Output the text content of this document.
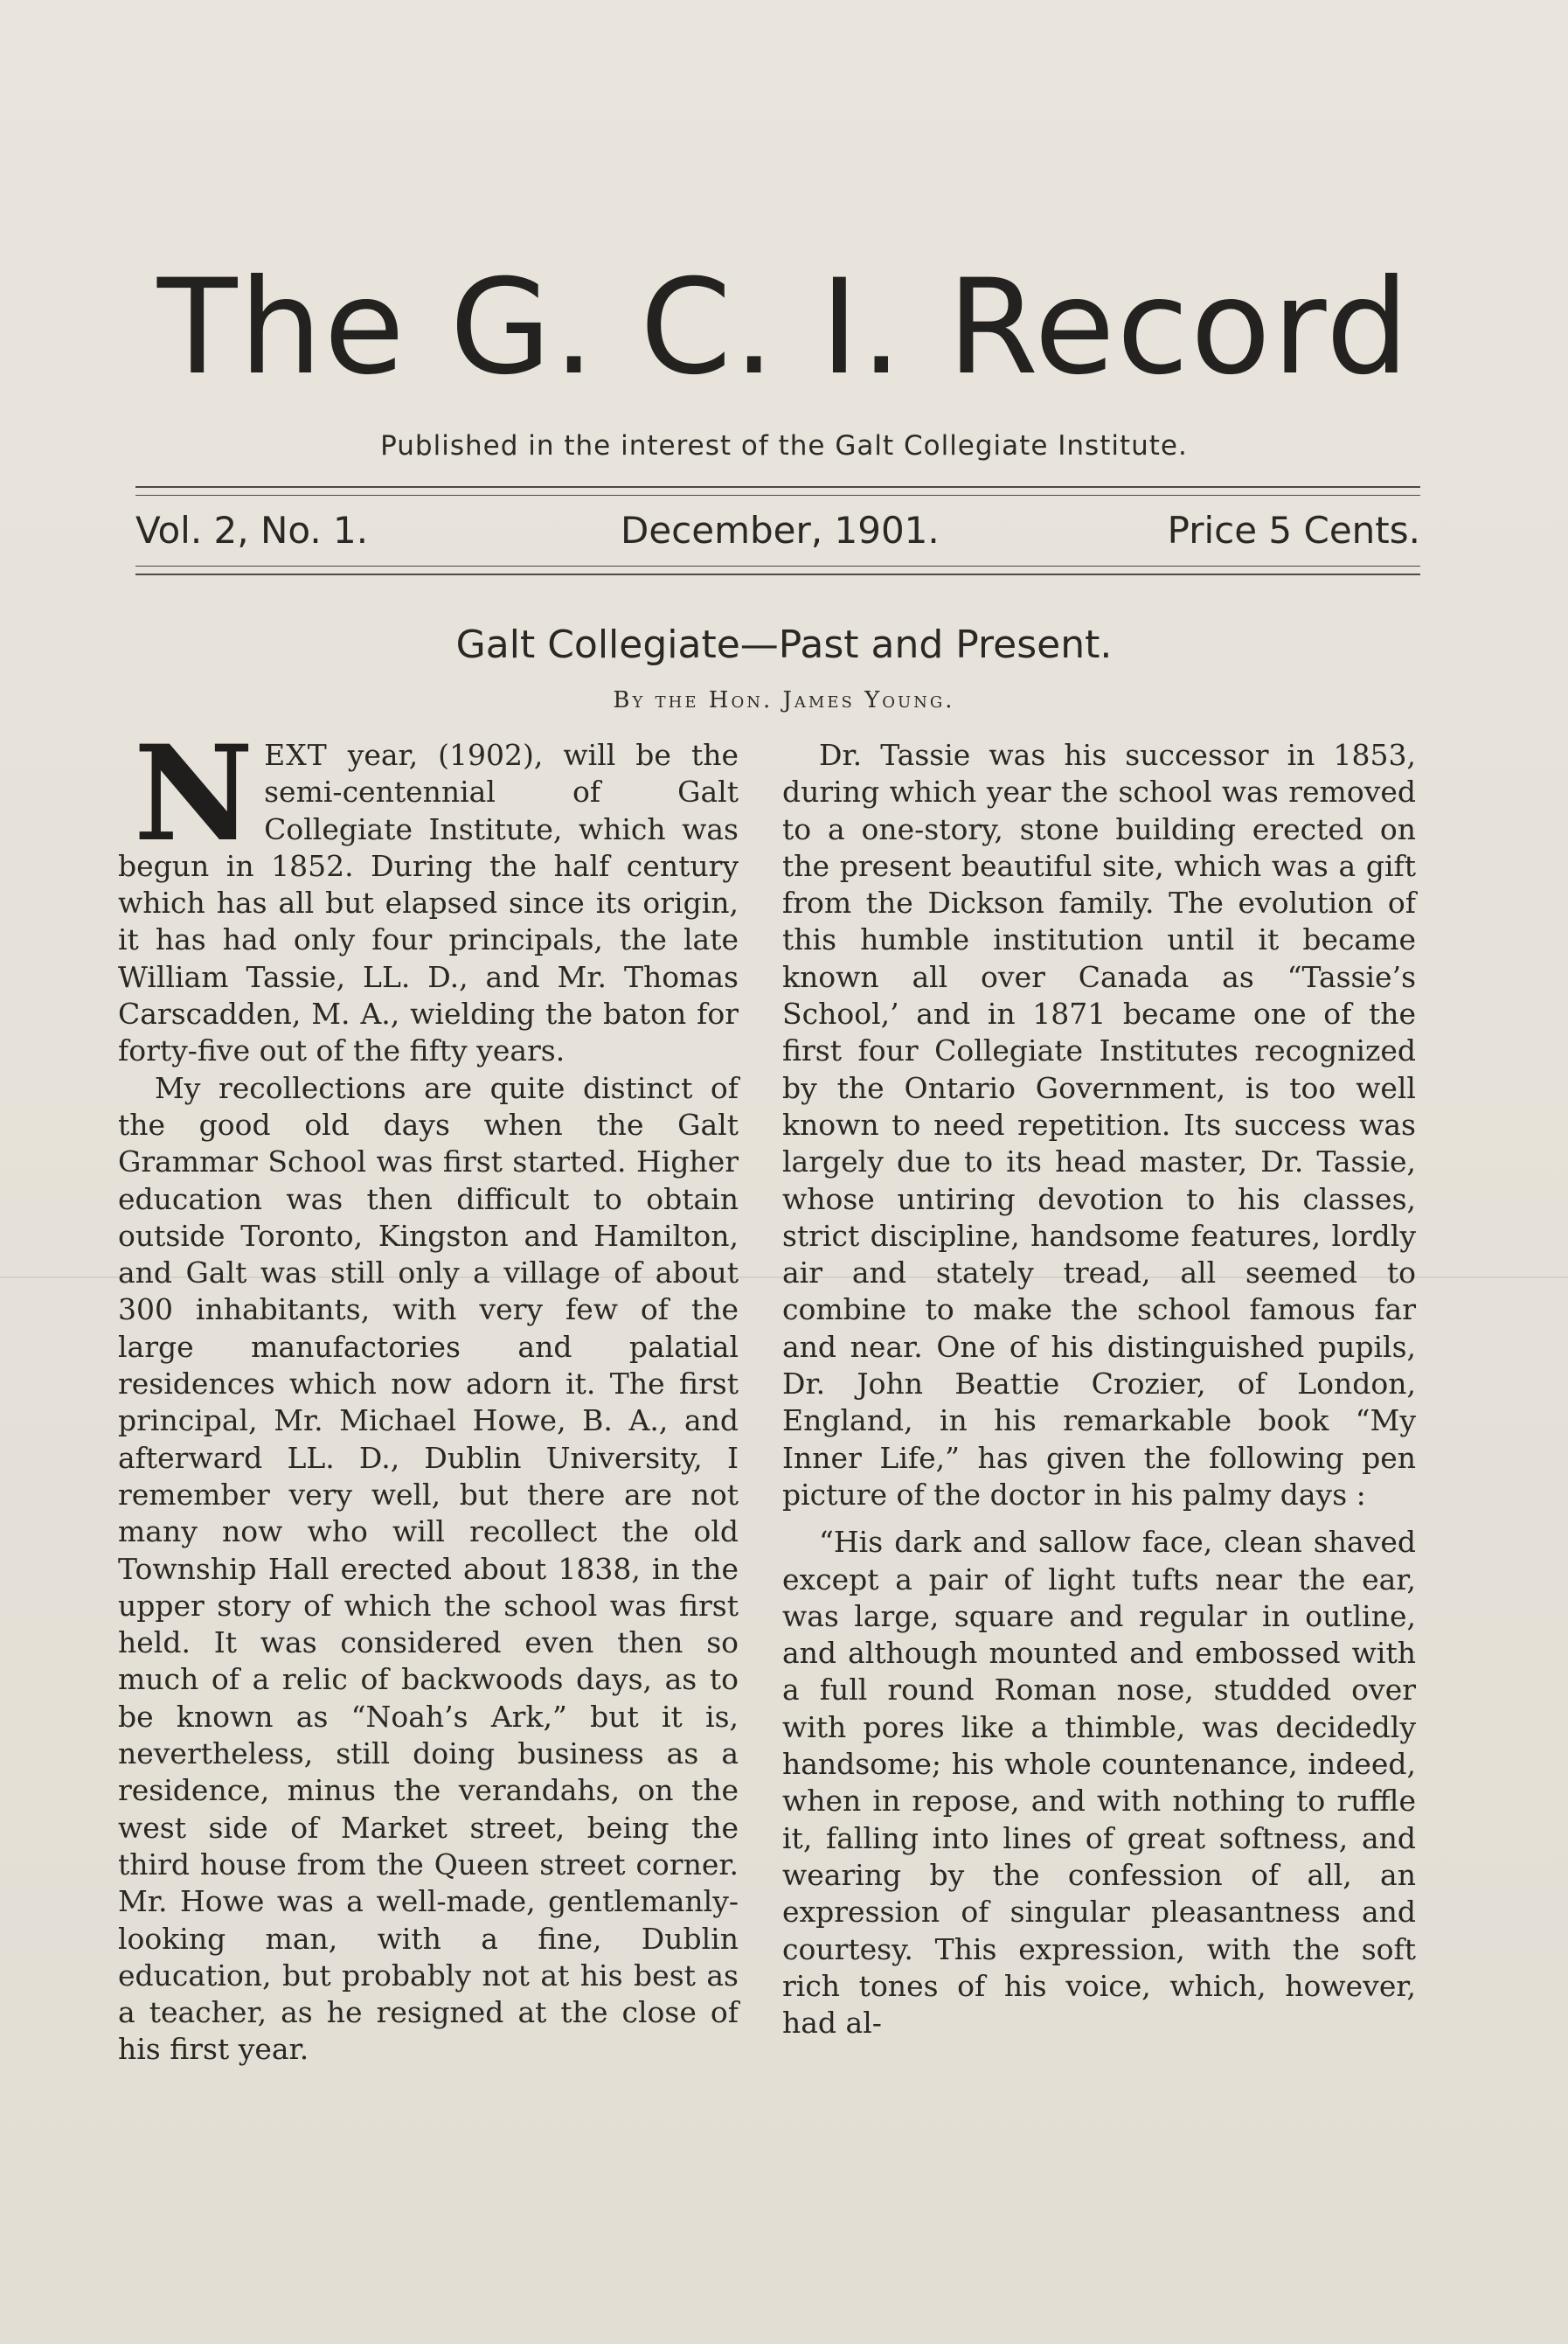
The G. C. I. Record
Published in the interest of the Galt Collegiate Institute.
Vol. 2, No. 1.	December, 1901.	Price 5 Cents.
Galt Collegiate—Past and Present.
By the Hon. James Young.

NEXT year, (1902), will be the semi-centennial of Galt Collegiate Institute, which was begun in 1852. During the half century which has all but elapsed since its origin, it has had only four principals, the late William Tassie, LL. D., and Mr. Thomas Carscadden, M. A., wielding the baton for forty-five out of the fifty years.

My recollections are quite distinct of the good old days when the Galt Grammar School was first started. Higher education was then difficult to obtain outside Toronto, Kingston and Hamilton, and Galt was still only a village of about 300 inhabitants, with very few of the large manufactories and palatial residences which now adorn it. The first principal, Mr. Michael Howe, B. A., and afterward LL. D., Dublin University, I remember very well, but there are not many now who will recollect the old Township Hall erected about 1838, in the upper story of which the school was first held. It was considered even then so much of a relic of backwoods days, as to be known as “Noah’s Ark,” but it is, nevertheless, still doing business as a residence, minus the verandahs, on the west side of Market street, being the third house from the Queen street corner. Mr. Howe was a well-made, gentlemanly-looking man, with a fine, Dublin education, but probably not at his best as a teacher, as he resigned at the close of his first year.

Dr. Tassie was his successor in 1853, during which year the school was removed to a one-story, stone building erected on the present beautiful site, which was a gift from the Dickson family. The evolution of this humble institution until it became known all over Canada as “Tassie’s School,’ and in 1871 became one of the first four Collegiate Institutes recognized by the Ontario Government, is too well known to need repetition. Its success was largely due to its head master, Dr. Tassie, whose untiring devotion to his classes, strict discipline, handsome features, lordly air and stately tread, all seemed to combine to make the school famous far and near. One of his distinguished pupils, Dr. John Beattie Crozier, of London, England, in his remarkable book “My Inner Life,” has given the following pen picture of the doctor in his palmy days :

“His dark and sallow face, clean shaved except a pair of light tufts near the ear, was large, square and regular in outline, and although mounted and embossed with a full round Roman nose, studded over with pores like a thimble, was decidedly handsome; his whole countenance, indeed, when in repose, and with nothing to ruffle it, falling into lines of great softness, and wearing by the confession of all, an expression of singular pleasantness and courtesy. This expression, with the soft rich tones of his voice, which, however, had al-
